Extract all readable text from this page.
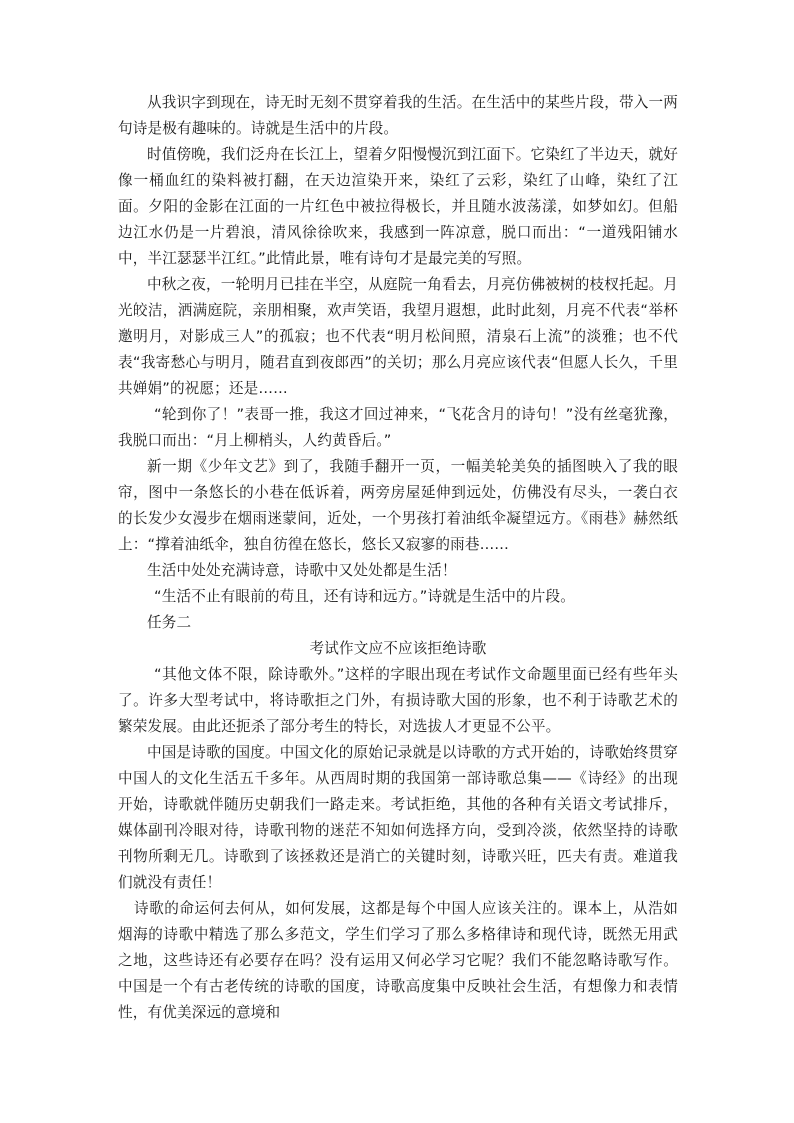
从我识字到现在，诗无时无刻不贯穿着我的生活。在生活中的某些片段，带入一两句诗是极有趣味的。诗就是生活中的片段。

时值傍晚，我们泛舟在长江上，望着夕阳慢慢沉到江面下。它染红了半边天，就好像一桶血红的染料被打翻，在天边渲染开来，染红了云彩，染红了山峰，染红了江面。夕阳的金影在江面的一片红色中被拉得极长，并且随水波荡漾，如梦如幻。但船边江水仍是一片碧浪，清风徐徐吹来，我感到一阵凉意，脱口而出：“一道残阳铺水中，半江瑟瑟半江红。”此情此景，唯有诗句才是最完美的写照。

中秋之夜，一轮明月已挂在半空，从庭院一角看去，月亮仿佛被树的枝杈托起。月光皎洁，洒满庭院，亲朋相聚，欢声笑语，我望月遐想，此时此刻，月亮不代表“举杯邀明月，对影成三人”的孤寂；也不代表“明月松间照，清泉石上流”的淡雅；也不代表“我寄愁心与明月，随君直到夜郎西”的关切；那么月亮应该代表“但愿人长久，千里共婵娟”的祝愿；还是……

“轮到你了！”表哥一推，我这才回过神来，“飞花含月的诗句！”没有丝毫犹豫，我脱口而出：“月上柳梢头，人约黄昏后。”

新一期《少年文艺》到了，我随手翻开一页，一幅美轮美奂的插图映入了我的眼帘，图中一条悠长的小巷在低诉着，两旁房屋延伸到远处，仿佛没有尽头，一袭白衣的长发少女漫步在烟雨迷蒙间，近处，一个男孩打着油纸伞凝望远方。《雨巷》赫然纸上：“撑着油纸伞，独自彷徨在悠长，悠长又寂寥的雨巷……

生活中处处充满诗意，诗歌中又处处都是生活！

“生活不止有眼前的苟且，还有诗和远方。”诗就是生活中的片段。

任务二

考试作文应不应该拒绝诗歌

“其他文体不限，除诗歌外。”这样的字眼出现在考试作文命题里面已经有些年头了。许多大型考试中，将诗歌拒之门外，有损诗歌大国的形象，也不利于诗歌艺术的繁荣发展。由此还扼杀了部分考生的特长，对选拔人才更显不公平。

中国是诗歌的国度。中国文化的原始记录就是以诗歌的方式开始的，诗歌始终贯穿中国人的文化生活五千多年。从西周时期的我国第一部诗歌总集——《诗经》的出现开始，诗歌就伴随历史朝我们一路走来。考试拒绝，其他的各种有关语文考试排斥，媒体副刊冷眼对待，诗歌刊物的迷茫不知如何选择方向，受到冷淡，依然坚持的诗歌刊物所剩无几。诗歌到了该拯救还是消亡的关键时刻，诗歌兴旺，匹夫有责。难道我们就没有责任！

诗歌的命运何去何从，如何发展，这都是每个中国人应该关注的。课本上，从浩如烟海的诗歌中精选了那么多范文，学生们学习了那么多格律诗和现代诗，既然无用武之地，这些诗还有必要存在吗？没有运用又何必学习它呢？我们不能忽略诗歌写作。中国是一个有古老传统的诗歌的国度，诗歌高度集中反映社会生活，有想像力和表情性，有优美深远的意境和
